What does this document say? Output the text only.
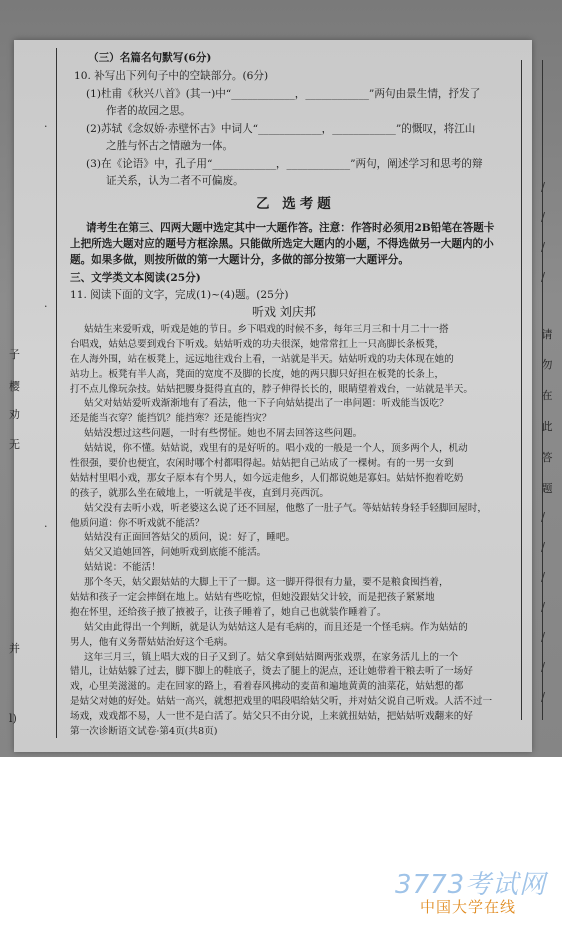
子
樱
劝
无
并
l)
请
勿
在
此
答
题
/
/
/
/
/
/
/
/
/
/
/
·
·
·
（三）名篇名句默写(6分)
10. 补写出下列句子中的空缺部分。(6分)
(1)杜甫《秋兴八首》(其一)中“____________，____________”两句由景生情，抒发了
作者的故园之思。
(2)苏轼《念奴娇·赤壁怀古》中词人“____________，____________”的慨叹，将江山
之胜与怀古之情融为一体。
(3)在《论语》中，孔子用“____________，____________”两句，阐述学习和思考的辩
证关系，认为二者不可偏废。
乙 选考题
请考生在第三、四两大题中选定其中一大题作答。注意：作答时必须用2B铅笔在答题卡
上把所选大题对应的题号方框涂黑。只能做所选定大题内的小题，不得选做另一大题内的小
题。如果多做，则按所做的第一大题计分，多做的部分按第一大题评分。
三、文学类文本阅读(25分)
11. 阅读下面的文字，完成(1)~(4)题。(25分)
听戏 刘庆邦
姑姑生来爱听戏，听戏是她的节日。乡下唱戏的时候不多，每年三月三和十月二十一搭
台唱戏，姑姑总要到戏台下听戏。姑姑听戏的功夫很深，她常常扛上一只高脚长条板凳，
在人海外围，站在板凳上，远远地往戏台上看，一站就是半天。姑姑听戏的功夫体现在她的
站功上。板凳有半人高，凳面的宽度不及脚的长度，她的两只脚只好担在板凳的长条上，
打不点儿像玩杂技。姑姑把腰身挺得直直的，脖子伸得长长的，眼睛望着戏台，一站就是半天。
姑父对姑姑爱听戏渐渐地有了看法，他一下子向姑姑提出了一串问题：听戏能当饭吃？
还是能当衣穿？能挡饥？能挡寒？还是能挡灾？
姑姑没想过这些问题，一时有些愣怔。她也不屑去回答这些问题。
姑姑说，你不懂。姑姑说，戏里有的是好听的。唱小戏的一般是一个人，顶多两个人，机动
性很强，要价也便宜，农闲时哪个村都唱得起。姑姑把自己站成了一棵树。有的一男一女到
姑姑村里唱小戏，那女子原本有个男人，如今远走他乡，人们都说她是寡妇。姑姑怀抱着吃奶
的孩子，就那么坐在破地上，一听就是半夜，直到月亮西沉。
姑父没有去听小戏，听老婆这么说了还不回屋，他憋了一肚子气。等姑姑转身轻手轻脚回屋时，
他质问道：你不听戏就不能活？
姑姑没有正面回答姑父的质问，说：好了，睡吧。
姑父又追她回答，问她听戏到底能不能活。
姑姑说：不能活！
那个冬天，姑父跟姑姑的大脚上干了一脚。这一脚开得很有力量，要不是粮食囤挡着，
姑姑和孩子一定会摔倒在地上。姑姑有些吃惊，但她没跟姑父计较，而是把孩子紧紧地
抱在怀里，还给孩子掖了掖被子，让孩子睡着了，她自己也就装作睡着了。
姑父由此得出一个判断，就是认为姑姑这人是有毛病的，而且还是一个怪毛病。作为姑姑的
男人，他有义务帮姑姑治好这个毛病。
这年三月三，镇上唱大戏的日子又到了。姑父拿到姑姑圈两张戏票，在家务活儿上的一个
错儿，让姑姑躲了过去，脚下脚上的鞋底子，烫去了腿上的泥点，还让她带着干粮去听了一场好
戏，心里美滋滋的。走在回家的路上，看着春风拂动的麦苗和遍地黄黄的油菜花，姑姑想的都
是姑父对她的好处。姑姑一高兴，就想把戏里的唱段唱给姑父听，并对姑父说自己听戏。人活不过一
场戏，戏戏都不易，人一世不是白活了。姑父只不由分说，上来就扭姑姑，把姑姑听戏翻来的好
第一次诊断语文试卷·第4页(共8页)
3773考试网
中国大学在线
